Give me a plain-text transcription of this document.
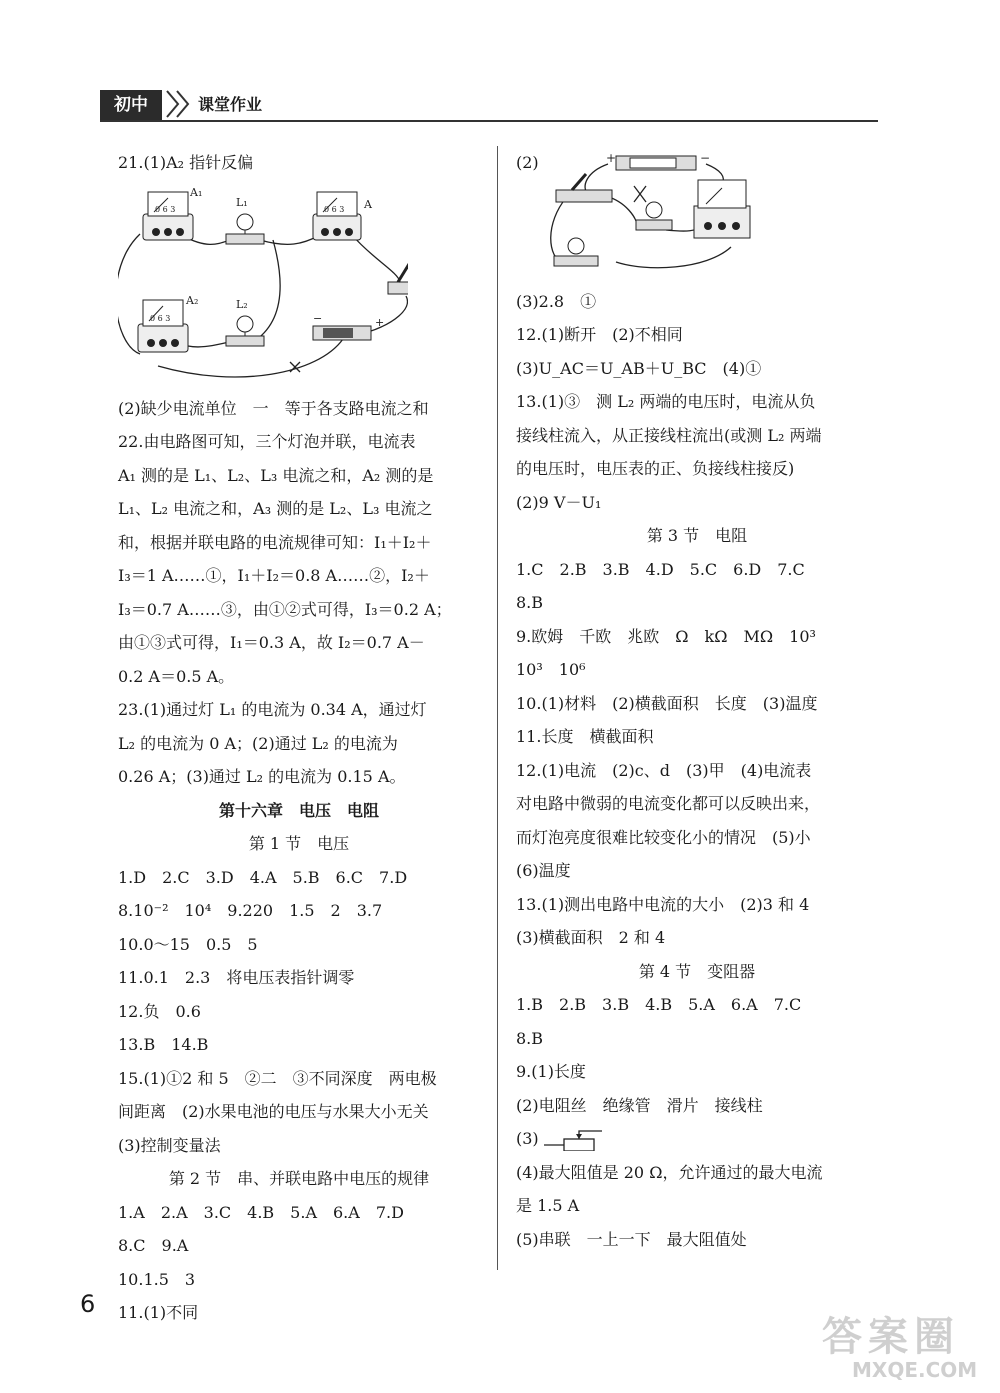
初中	课堂作业
21.(1)A₂ 指针反偏
A₁
L₁	A
A₂	L₂
0 6 3	0 6 3
0 6 3	−	+
(2)缺少电流单位　一　等于各支路电流之和
22.由电路图可知，三个灯泡并联，电流表
A₁ 测的是 L₁、L₂、L₃ 电流之和，A₂ 测的是
L₁、L₂ 电流之和，A₃ 测的是 L₂、L₃ 电流之
和，根据并联电路的电流规律可知：I₁＋I₂＋
I₃＝1 A……①，I₁＋I₂＝0.8 A……②，I₂＋
I₃＝0.7 A……③，由①②式可得，I₃＝0.2 A；
由①③式可得，I₁＝0.3 A，故 I₂＝0.7 A－
0.2 A＝0.5 A。
23.(1)通过灯 L₁ 的电流为 0.34 A，通过灯
L₂ 的电流为 0 A；(2)通过 L₂ 的电流为
0.26 A；(3)通过 L₂ 的电流为 0.15 A。
第十六章　电压　电阻
第 1 节　电压
1.D　2.C　3.D　4.A　5.B　6.C　7.D
8.10⁻²　10⁴　9.220　1.5　2　3.7
10.0～15　0.5　5
11.0.1　2.3　将电压表指针调零
12.负　0.6
13.B　14.B
15.(1)①2 和 5　②二　③不同深度　两电极
间距离　(2)水果电池的电压与水果大小无关
(3)控制变量法
第 2 节　串、并联电路中电压的规律
1.A　2.A　3.C　4.B　5.A　6.A　7.D
8.C　9.A
10.1.5　3
11.(1)不同
(2)	+	−
(3)2.8　①
12.(1)断开　(2)不相同
(3)U_AC＝U_AB＋U_BC　(4)①
13.(1)③　测 L₂ 两端的电压时，电流从负
接线柱流入，从正接线柱流出(或测 L₂ 两端
的电压时，电压表的正、负接线柱接反)
(2)9 V－U₁
第 3 节　电阻
1.C　2.B　3.B　4.D　5.C　6.D　7.C
8.B
9.欧姆　千欧　兆欧　Ω　kΩ　MΩ　10³
10³　10⁶
10.(1)材料　(2)横截面积　长度　(3)温度
11.长度　横截面积
12.(1)电流　(2)c、d　(3)甲　(4)电流表
对电路中微弱的电流变化都可以反映出来，
而灯泡亮度很难比较变化小的情况　(5)小
(6)温度
13.(1)测出电路中电流的大小　(2)3 和 4
(3)横截面积　2 和 4
第 4 节　变阻器
1.B　2.B　3.B　4.B　5.A　6.A　7.C
8.B
9.(1)长度
(2)电阻丝　绝缘管　滑片　接线柱
(3)
(4)最大阻值是 20 Ω，允许通过的最大电流
是 1.5 A
(5)串联　一上一下　最大阻值处
6
答案圈
MXQE.COM
